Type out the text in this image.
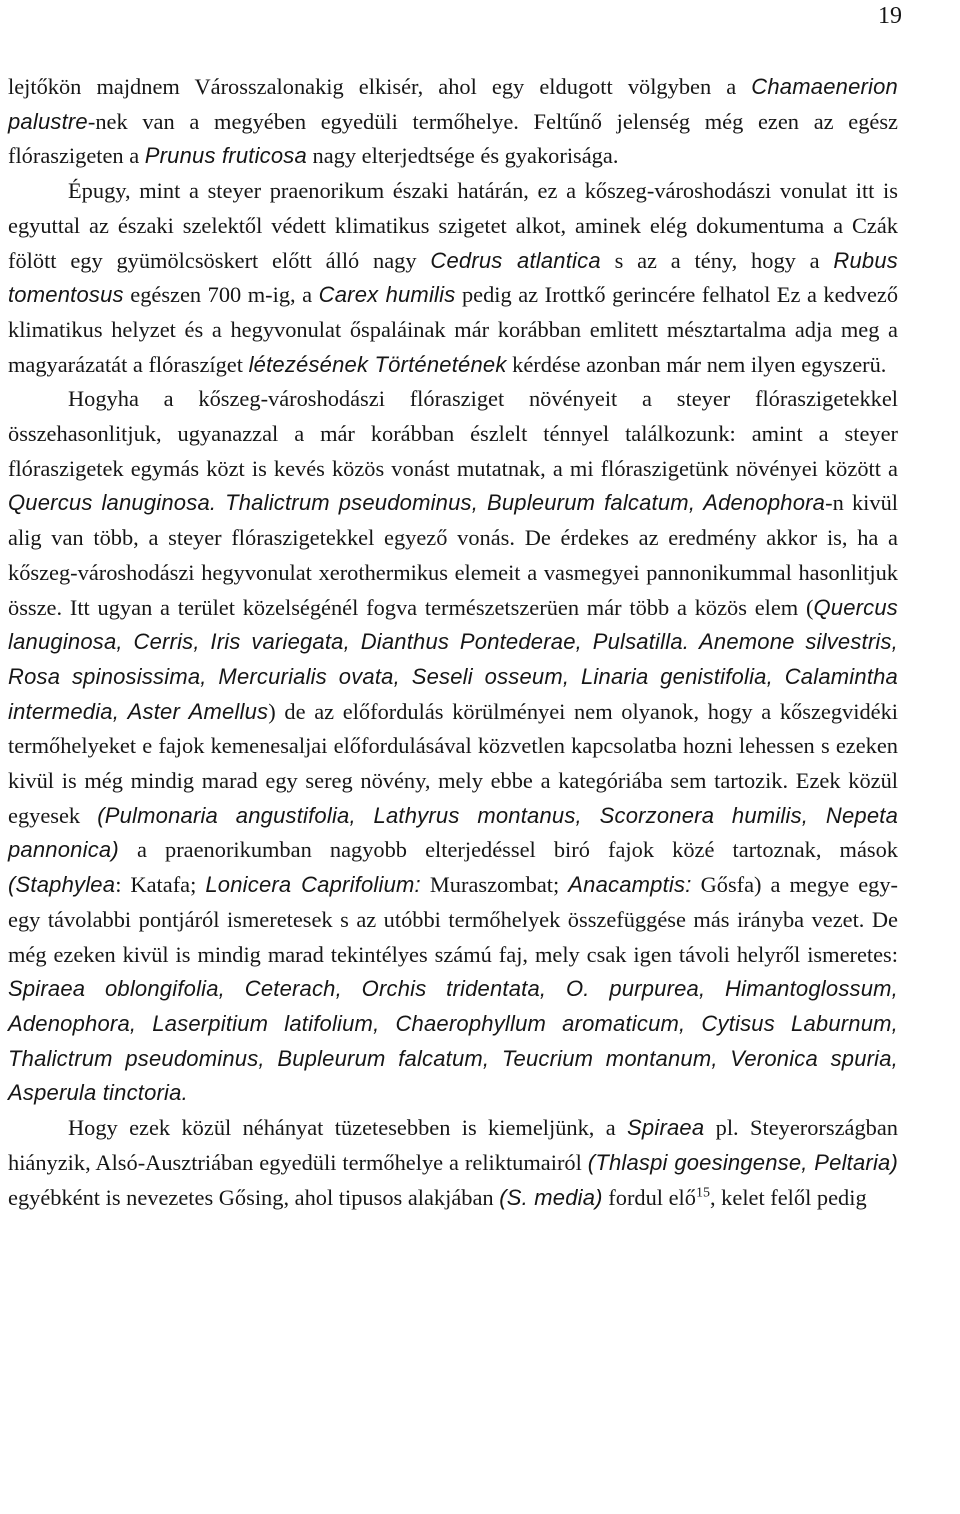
19

lejtőkön majdnem Városszalonakig elkisér, ahol egy eldugott völgyben a Chamaenerion palustre-nek van a megyében egyedüli termőhelye. Feltűnő jelenség még ezen az egész flóraszigeten a Prunus fruticosa nagy elterjedtsége és gyakorisága.

Épugy, mint a steyer praenorikum északi határán, ez a kőszeg-városhodászi vonulat itt is egyuttal az északi szelektől védett klimatikus szigetet alkot, aminek elég dokumentuma a Czák fölött egy gyümölcsöskert előtt álló nagy Cedrus atlantica s az a tény, hogy a Rubus tomentosus egészen 700 m-ig, a Carex humilis pedig az Irottkő gerincére felhatol Ez a kedvező klimatikus helyzet és a hegyvonulat őspaláinak már korábban emlitett mésztartalma adja meg a magyarázatát a flóraszíget létezésének Történetének kérdése azonban már nem ilyen egyszerü.

Hogyha a kőszeg-városhodászi flórasziget növényeit a steyer flóraszigetekkel összehasonlitjuk, ugyanazzal a már korábban észlelt ténnyel találkozunk: amint a steyer flóraszigetek egymás közt is kevés közös vonást mutatnak, a mi flóraszigetünk növényei között a Quercus lanuginosa. Thalictrum pseudominus, Bupleurum falcatum, Adenophora-n kivül alig van több, a steyer flóraszigetekkel egyező vonás. De érdekes az eredmény akkor is, ha a kőszeg-városhodászi hegyvonulat xerothermikus elemeit a vasmegyei pannonikummal hasonlitjuk össze. Itt ugyan a terület közelségénél fogva természetszerüen már több a közös elem (Quercus lanuginosa, Cerris, Iris variegata, Dianthus Pontederae, Pulsatilla. Anemone silvestris, Rosa spinosissima, Mercurialis ovata, Seseli osseum, Linaria genistifolia, Calamintha intermedia, Aster Amellus) de az előfordulás körülményei nem olyanok, hogy a kőszegvidéki termőhelyeket e fajok kemenesaljai előfordulásával közvetlen kapcsolatba hozni lehessen s ezeken kivül is még mindig marad egy sereg növény, mely ebbe a kategóriába sem tartozik. Ezek közül egyesek (Pulmonaria angustifolia, Lathyrus montanus, Scorzonera humilis, Nepeta pannonica) a praenorikumban nagyobb elterjedéssel biró fajok közé tartoznak, mások (Staphylea: Katafa; Lonicera Caprifolium: Muraszombat; Anacamptis: Gősfa) a megye egy-egy távolabbi pontjáról ismeretesek s az utóbbi termőhelyek összefüggése más irányba vezet. De még ezeken kivül is mindig marad tekintélyes számú faj, mely csak igen távoli helyről ismeretes: Spiraea oblongifolia, Ceterach, Orchis tridentata, O. purpurea, Himantoglossum, Adenophora, Laserpitium latifolium, Chaerophyllum aromaticum, Cytisus Laburnum, Thalictrum pseudominus, Bupleurum falcatum, Teucrium montanum, Veronica spuria, Asperula tinctoria.

Hogy ezek közül néhányat tüzetesebben is kiemeljünk, a Spiraea pl. Steyerországban hiányzik, Alsó-Ausztriában egyedüli termőhelye a reliktumairól (Thlaspi goesingense, Peltaria) egyébként is nevezetes Gősing, ahol tipusos alakjában (S. media) fordul elő$^{15}$, kelet felől pedig
